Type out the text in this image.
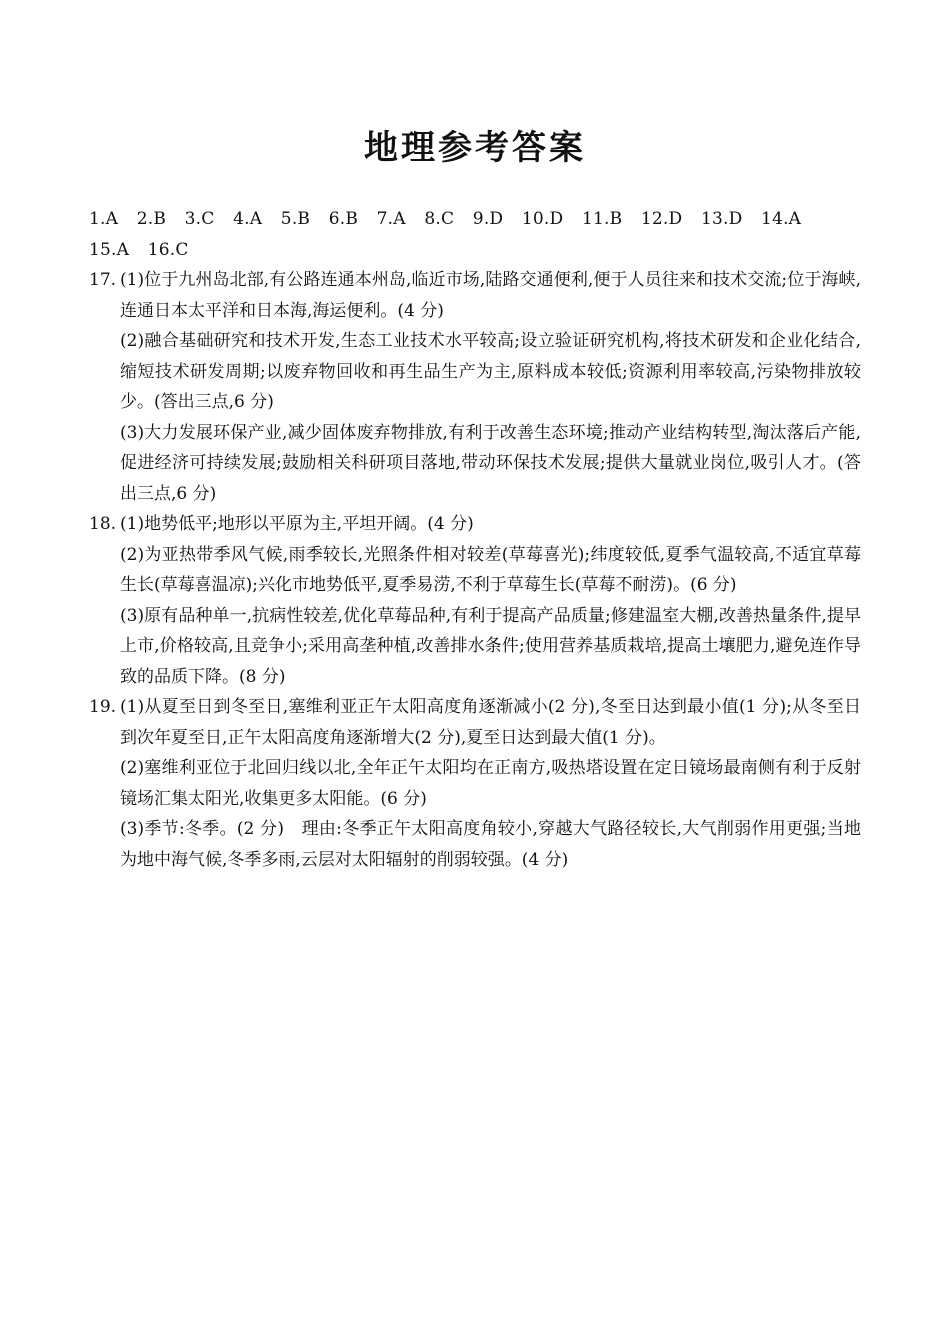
地理参考答案
1.A 2.B 3.C 4.A 5.B 6.B 7.A 8.C 9.D 10.D 11.B 12.D 13.D 14.A
15.A 16.C
17. (1)位于九州岛北部,有公路连通本州岛,临近市场,陆路交通便利,便于人员往来和技术交流;位于海峡,连通日本太平洋和日本海,海运便利。(4 分)

(2)融合基础研究和技术开发,生态工业技术水平较高;设立验证研究机构,将技术研发和企业化结合,缩短技术研发周期;以废弃物回收和再生品生产为主,原料成本较低;资源利用率较高,污染物排放较少。(答出三点,6 分)

(3)大力发展环保产业,减少固体废弃物排放,有利于改善生态环境;推动产业结构转型,淘汰落后产能,促进经济可持续发展;鼓励相关科研项目落地,带动环保技术发展;提供大量就业岗位,吸引人才。(答出三点,6 分)

18. (1)地势低平;地形以平原为主,平坦开阔。(4 分)

(2)为亚热带季风气候,雨季较长,光照条件相对较差(草莓喜光);纬度较低,夏季气温较高,不适宜草莓生长(草莓喜温凉);兴化市地势低平,夏季易涝,不利于草莓生长(草莓不耐涝)。(6 分)

(3)原有品种单一,抗病性较差,优化草莓品种,有利于提高产品质量;修建温室大棚,改善热量条件,提早上市,价格较高,且竞争小;采用高垄种植,改善排水条件;使用营养基质栽培,提高土壤肥力,避免连作导致的品质下降。(8 分)

19. (1)从夏至日到冬至日,塞维利亚正午太阳高度角逐渐减小(2 分),冬至日达到最小值(1 分);从冬至日到次年夏至日,正午太阳高度角逐渐增大(2 分),夏至日达到最大值(1 分)。

(2)塞维利亚位于北回归线以北,全年正午太阳均在正南方,吸热塔设置在定日镜场最南侧有利于反射镜场汇集太阳光,收集更多太阳能。(6 分)

(3)季节:冬季。(2 分)　理由:冬季正午太阳高度角较小,穿越大气路径较长,大气削弱作用更强;当地为地中海气候,冬季多雨,云层对太阳辐射的削弱较强。(4 分)
